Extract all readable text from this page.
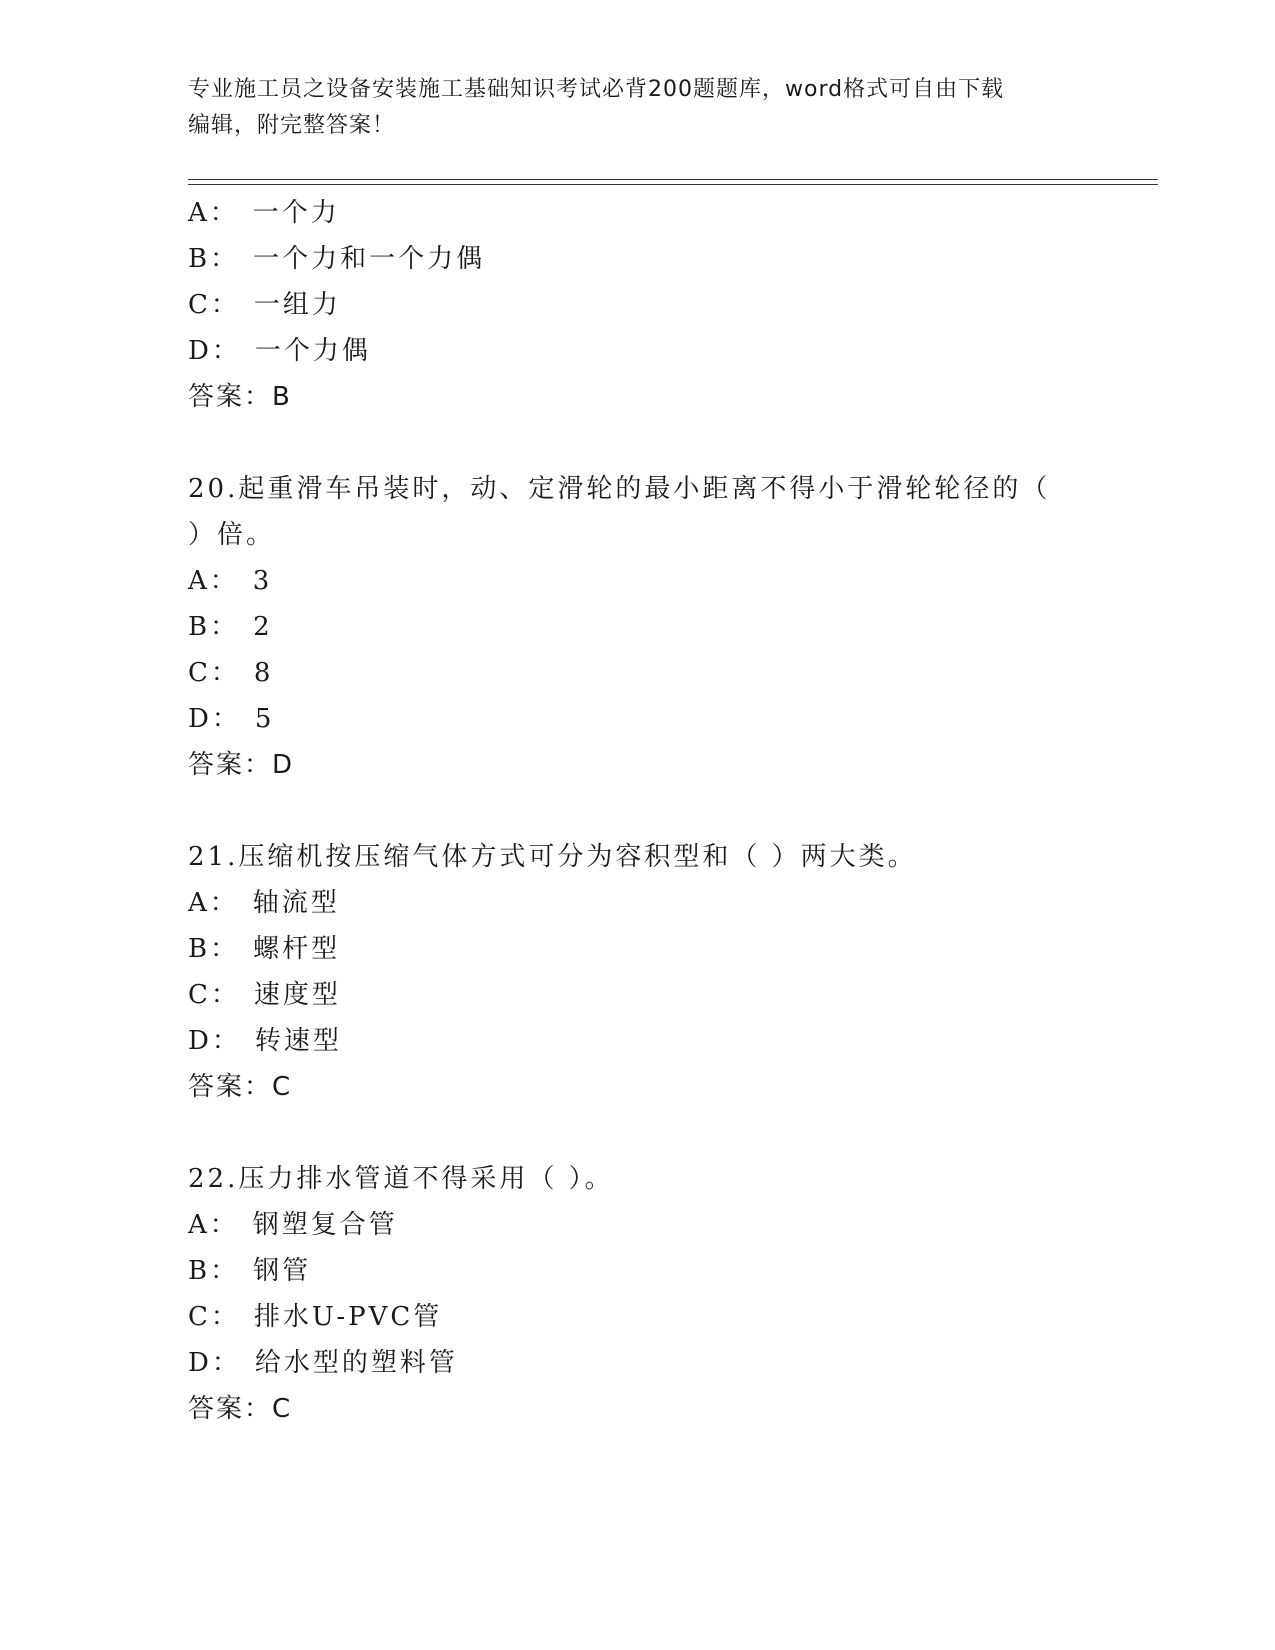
专业施工员之设备安装施工基础知识考试必背200题题库，word格式可自由下载
编辑，附完整答案！
A： 一个力
B： 一个力和一个力偶
C： 一组力
D： 一个力偶
答案：B
20.起重滑车吊装时，动、定滑轮的最小距离不得小于滑轮轮径的（
）倍。
A： 3
B： 2
C： 8
D： 5
答案：D
21.压缩机按压缩气体方式可分为容积型和（ ）两大类。
A： 轴流型
B： 螺杆型
C： 速度型
D： 转速型
答案：C
22.压力排水管道不得采用（ ）。
A： 钢塑复合管
B： 钢管
C： 排水U-PVC管
D： 给水型的塑料管
答案：C
